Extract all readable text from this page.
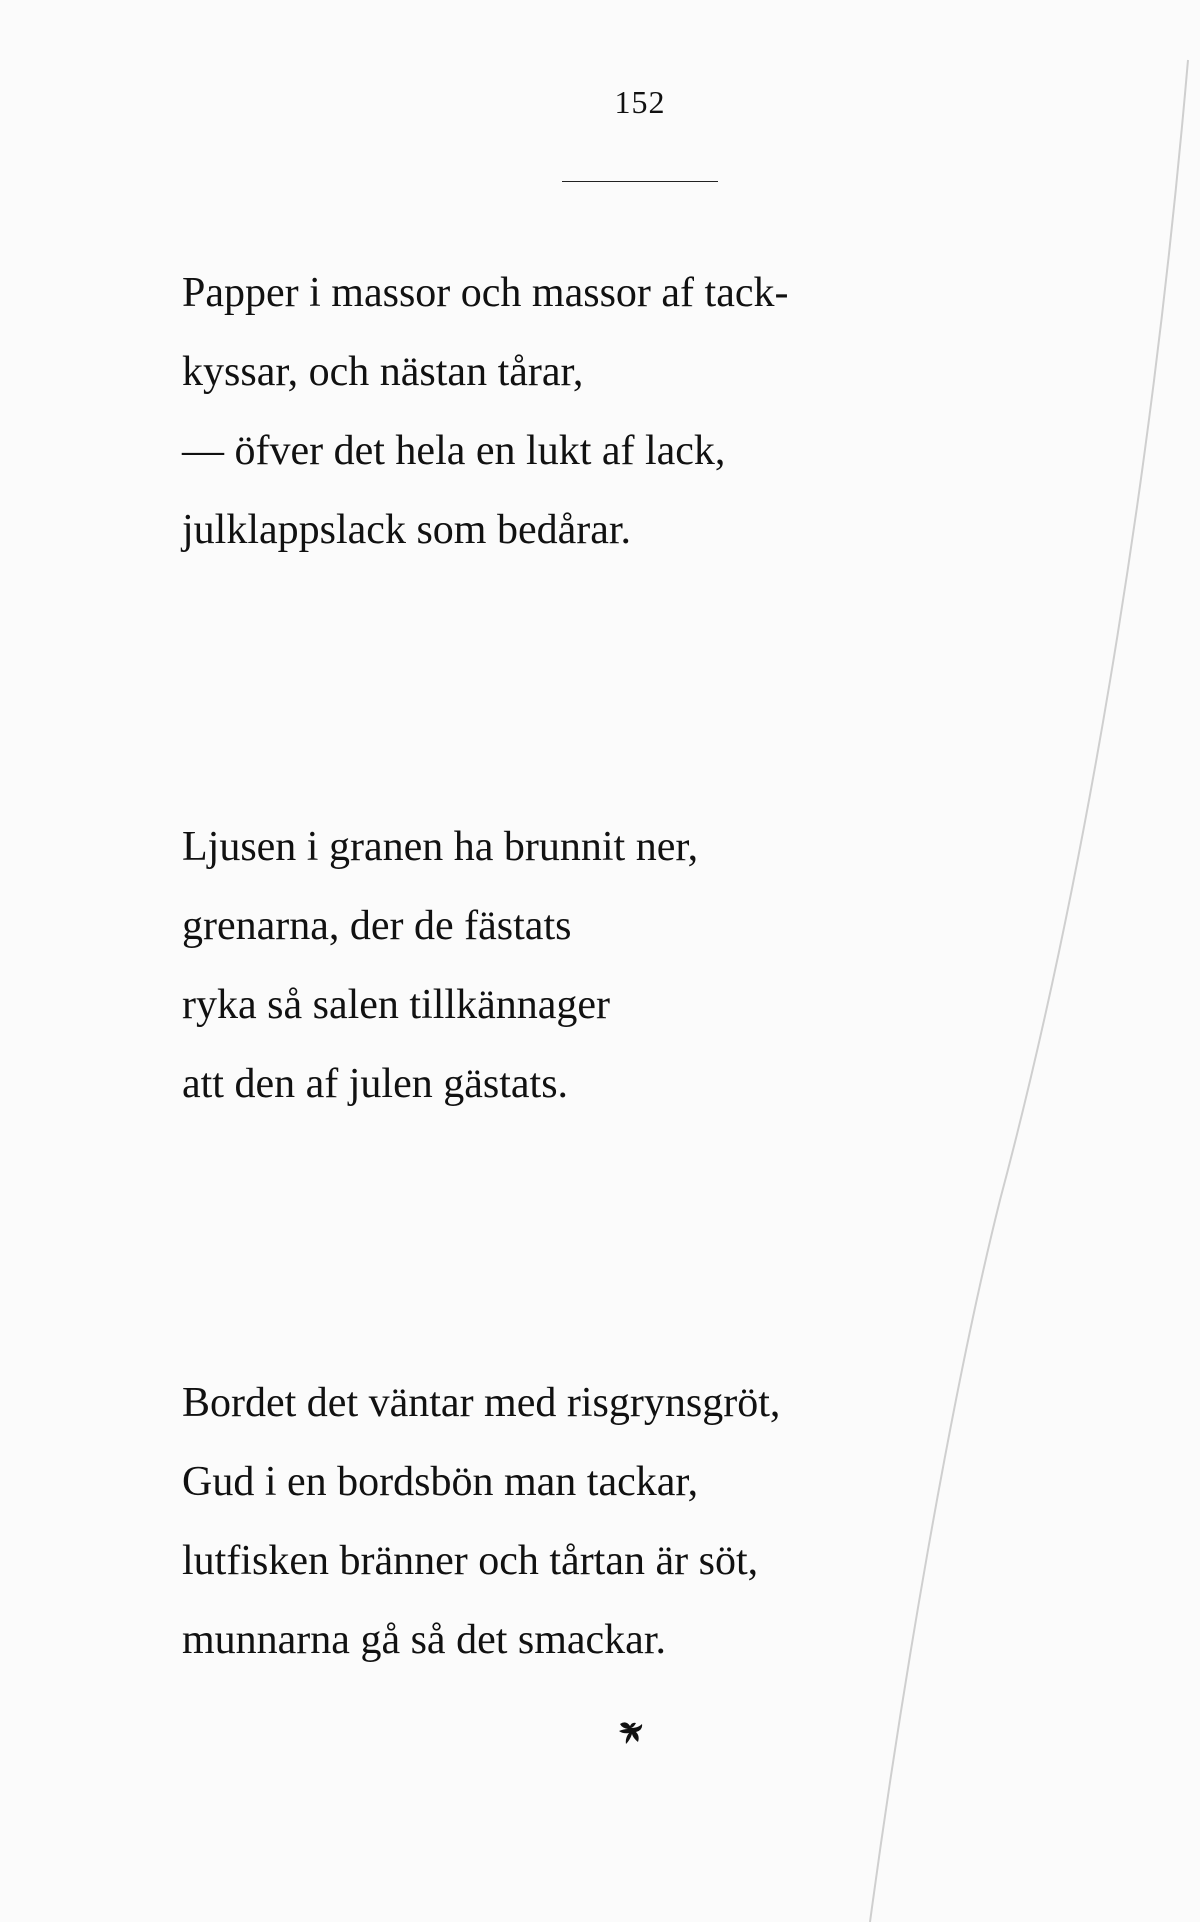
152
Papper i massor och massor af tack-
kyssar, och nästan tårar,
— öfver det hela en lukt af lack,
julklappslack som bedårar.
Ljusen i granen ha brunnit ner,
grenarna, der de fästats
ryka så salen tillkännager
att den af julen gästats.
Bordet det väntar med risgrynsgröt,
Gud i en bordsbön man tackar,
lutfisken bränner och tårtan är söt,
munnarna gå så det smackar.
